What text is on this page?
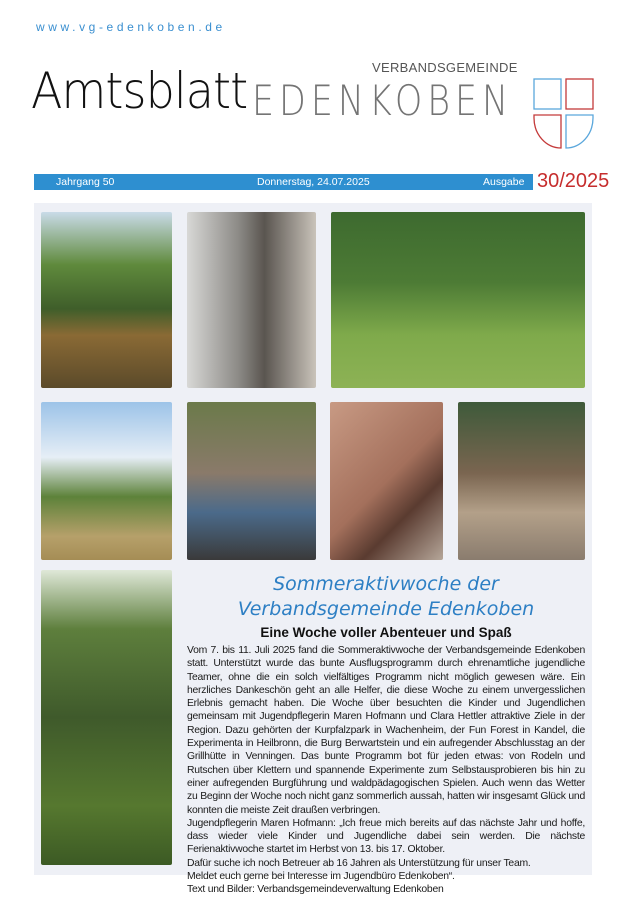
www.vg-edenkoben.de
Amtsblatt	VERBANDSGEMEINDE
EDENKOBEN
Jahrgang 50	Donnerstag, 24.07.2025	Ausgabe 30/2025
Sommeraktivwoche der Verbandsgemeinde Edenkoben
Eine Woche voller Abenteuer und Spaß

Vom 7. bis 11. Juli 2025 fand die Sommeraktivwoche der Verbandsgemeinde Edenkoben statt. Unterstützt wurde das bunte Ausflugsprogramm durch ehrenamtliche jugendliche Teamer, ohne die ein solch vielfältiges Programm nicht möglich gewesen wäre. Ein herzliches Dankeschön geht an alle Helfer, die diese Woche zu einem unvergesslichen Erlebnis gemacht haben. Die Woche über besuchten die Kinder und Jugendlichen gemeinsam mit Jugendpflegerin Maren Hofmann und Clara Hettler attraktive Ziele in der Region. Dazu gehörten der Kurpfalzpark in Wachenheim, der Fun Forest in Kandel, die Experimenta in Heilbronn, die Burg Berwartstein und ein aufregender Abschlusstag an der Grillhütte in Venningen. Das bunte Programm bot für jeden etwas: von Rodeln und Rutschen über Klettern und spannende Experimente zum Selbstausprobieren bis hin zu einer aufregenden Burgführung und waldpädagogischen Spielen. Auch wenn das Wetter zu Beginn der Woche noch nicht ganz sommerlich aussah, hatten wir insgesamt Glück und konnten die meiste Zeit draußen verbringen.

Jugendpflegerin Maren Hofmann: „Ich freue mich bereits auf das nächste Jahr und hoffe, dass wieder viele Kinder und Jugendliche dabei sein werden. Die nächste Ferienaktivwoche startet im Herbst von 13. bis 17. Oktober.

Dafür suche ich noch Betreuer ab 16 Jahren als Unterstützung für unser Team.

Meldet euch gerne bei Interesse im Jugendbüro Edenkoben“.

Text und Bilder: Verbandsgemeindeverwaltung Edenkoben
